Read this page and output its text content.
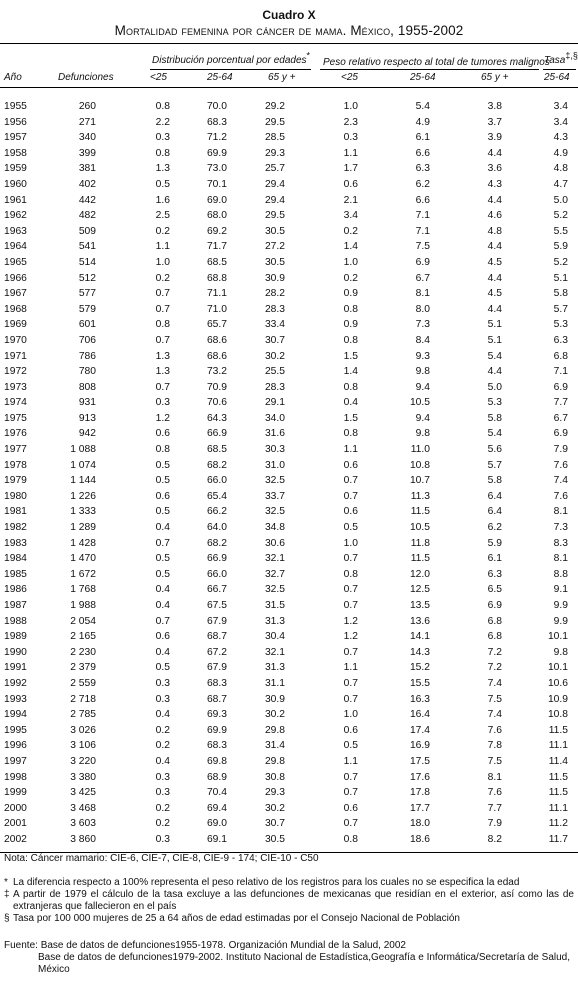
Cuadro X
Mortalidad femenina por cáncer de mama. México, 1955-2002
Distribución porcentual por edades*
Peso relativo respecto al total de tumores malignos
Tasa‡,§
Año	Defunciones	<25	25-64	65 y +	<25	25-64	65 y +	25-64
1955	260	0.8	70.0	29.2	1.0	5.4	3.8	3.4
1956	271	2.2	68.3	29.5	2.3	4.9	3.7	3.4
1957	340	0.3	71.2	28.5	0.3	6.1	3.9	4.3
1958	399	0.8	69.9	29.3	1.1	6.6	4.4	4.9
1959	381	1.3	73.0	25.7	1.7	6.3	3.6	4.8
1960	402	0.5	70.1	29.4	0.6	6.2	4.3	4.7
1961	442	1.6	69.0	29.4	2.1	6.6	4.4	5.0
1962	482	2.5	68.0	29.5	3.4	7.1	4.6	5.2
1963	509	0.2	69.2	30.5	0.2	7.1	4.8	5.5
1964	541	1.1	71.7	27.2	1.4	7.5	4.4	5.9
1965	514	1.0	68.5	30.5	1.0	6.9	4.5	5.2
1966	512	0.2	68.8	30.9	0.2	6.7	4.4	5.1
1967	577	0.7	71.1	28.2	0.9	8.1	4.5	5.8
1968	579	0.7	71.0	28.3	0.8	8.0	4.4	5.7
1969	601	0.8	65.7	33.4	0.9	7.3	5.1	5.3
1970	706	0.7	68.6	30.7	0.8	8.4	5.1	6.3
1971	786	1.3	68.6	30.2	1.5	9.3	5.4	6.8
1972	780	1.3	73.2	25.5	1.4	9.8	4.4	7.1
1973	808	0.7	70.9	28.3	0.8	9.4	5.0	6.9
1974	931	0.3	70.6	29.1	0.4	10.5	5.3	7.7
1975	913	1.2	64.3	34.0	1.5	9.4	5.8	6.7
1976	942	0.6	66.9	31.6	0.8	9.8	5.4	6.9
1977	1 088	0.8	68.5	30.3	1.1	11.0	5.6	7.9
1978	1 074	0.5	68.2	31.0	0.6	10.8	5.7	7.6
1979	1 144	0.5	66.0	32.5	0.7	10.7	5.8	7.4
1980	1 226	0.6	65.4	33.7	0.7	11.3	6.4	7.6
1981	1 333	0.5	66.2	32.5	0.6	11.5	6.4	8.1
1982	1 289	0.4	64.0	34.8	0.5	10.5	6.2	7.3
1983	1 428	0.7	68.2	30.6	1.0	11.8	5.9	8.3
1984	1 470	0.5	66.9	32.1	0.7	11.5	6.1	8.1
1985	1 672	0.5	66.0	32.7	0.8	12.0	6.3	8.8
1986	1 768	0.4	66.7	32.5	0.7	12.5	6.5	9.1
1987	1 988	0.4	67.5	31.5	0.7	13.5	6.9	9.9
1988	2 054	0.7	67.9	31.3	1.2	13.6	6.8	9.9
1989	2 165	0.6	68.7	30.4	1.2	14.1	6.8	10.1
1990	2 230	0.4	67.2	32.1	0.7	14.3	7.2	9.8
1991	2 379	0.5	67.9	31.3	1.1	15.2	7.2	10.1
1992	2 559	0.3	68.3	31.1	0.7	15.5	7.4	10.6
1993	2 718	0.3	68.7	30.9	0.7	16.3	7.5	10.9
1994	2 785	0.4	69.3	30.2	1.0	16.4	7.4	10.8
1995	3 026	0.2	69.9	29.8	0.6	17.4	7.6	11.5
1996	3 106	0.2	68.3	31.4	0.5	16.9	7.8	11.1
1997	3 220	0.4	69.8	29.8	1.1	17.5	7.5	11.4
1998	3 380	0.3	68.9	30.8	0.7	17.6	8.1	11.5
1999	3 425	0.3	70.4	29.3	0.7	17.8	7.6	11.5
2000	3 468	0.2	69.4	30.2	0.6	17.7	7.7	11.1
2001	3 603	0.2	69.0	30.7	0.7	18.0	7.9	11.2
2002	3 860	0.3	69.1	30.5	0.8	18.6	8.2	11.7
Nota: Cáncer mamario: CIE-6, CIE-7, CIE-8, CIE-9 - 174; CIE-10 - C50
* La diferencia respecto a 100% representa el peso relativo de los registros para los cuales no se especifica la edad
‡ A partir de 1979 el cálculo de la tasa excluye a las defunciones de mexicanas que residían en el exterior, así como las de extranjeras que fallecieron en el país
§ Tasa por 100 000 mujeres de 25 a 64 años de edad estimadas por el Consejo Nacional de Población
Fuente: Base de datos de defunciones1955-1978. Organización Mundial de la Salud, 2002
Base de datos de defunciones1979-2002. Instituto Nacional de Estadística,Geografía e Informática/Secretaría de Salud, México
